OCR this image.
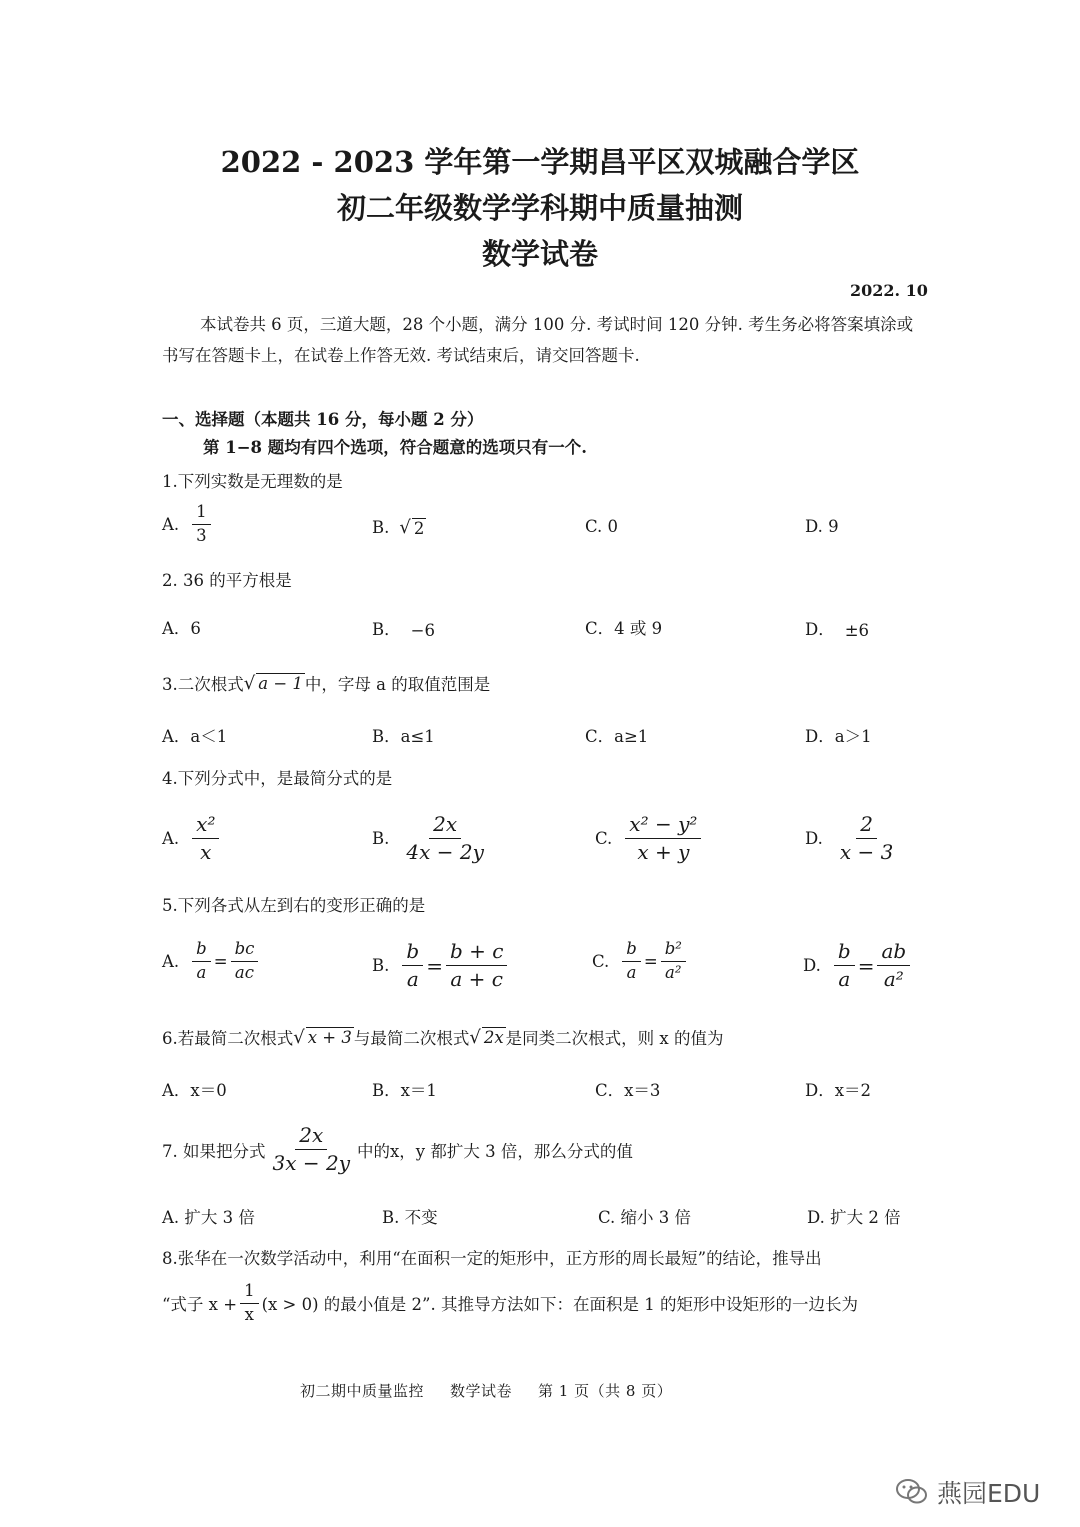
2022 - 2023 学年第一学期昌平区双城融合学区
初二年级数学学科期中质量抽测
数学试卷
2022. 10
本试卷共 6 页，三道大题，28 个小题，满分 100 分. 考试时间 120 分钟. 考生务必将答案填涂或书写在答题卡上，在试卷上作答无效. 考试结束后，请交回答题卡.
一、选择题（本题共 16 分，每小题 2 分）
第 1−8 题均有四个选项，符合题意的选项只有一个.
1.下列实数是无理数的是
A. $\frac{1}{3}$	B. √ 2	C. 0	D. 9
2. 36 的平方根是
A．6	B． −6	C．4 或 9	D． ±6
3.二次根式 √ a − 1 中，字母 a 的取值范围是
A．a＜1	B．a≤1	C．a≥1	D．a＞1
4.下列分式中，是最简分式的是
A. $\frac{\text{x²}}{x}$	B. $\frac{2x}{4x - 2y}$	C. $\frac{\text{x² − y²}}{x + y}$	D. $\frac{2}{x - 3}$
5.下列各式从左到右的变形正确的是
A. $\frac{b}{a} = \frac{bc}{ac}$	B. $\frac{b}{a} = \frac{b + c}{a + c}$	C. $\frac{b}{a} = \frac{\text{b²}}{\text{a²}}$	D. $\frac{b}{a} = \frac{ab}{\text{a²}}$
6.若最简二次根式 √ x + 3 与最简二次根式 √ 2x 是同类二次根式，则 x 的值为
A．x＝0	B．x＝1	C．x＝3	D．x＝2
7. 如果把分式 $\frac{2x}{3x - 2y}$ 中的x，y 都扩大 3 倍，那么分式的值
A. 扩大 3 倍	B. 不变	C. 缩小 3 倍	D. 扩大 2 倍
8.张华在一次数学活动中，利用“在面积一定的矩形中，正方形的周长最短”的结论，推导出
“式子 $x + \frac{1}{x} (x > 0)$ 的最小值是 2”. 其推导方法如下：在面积是 1 的矩形中设矩形的一边长为
初二期中质量监控 数学试卷 第 1 页（共 8 页）
燕园EDU
